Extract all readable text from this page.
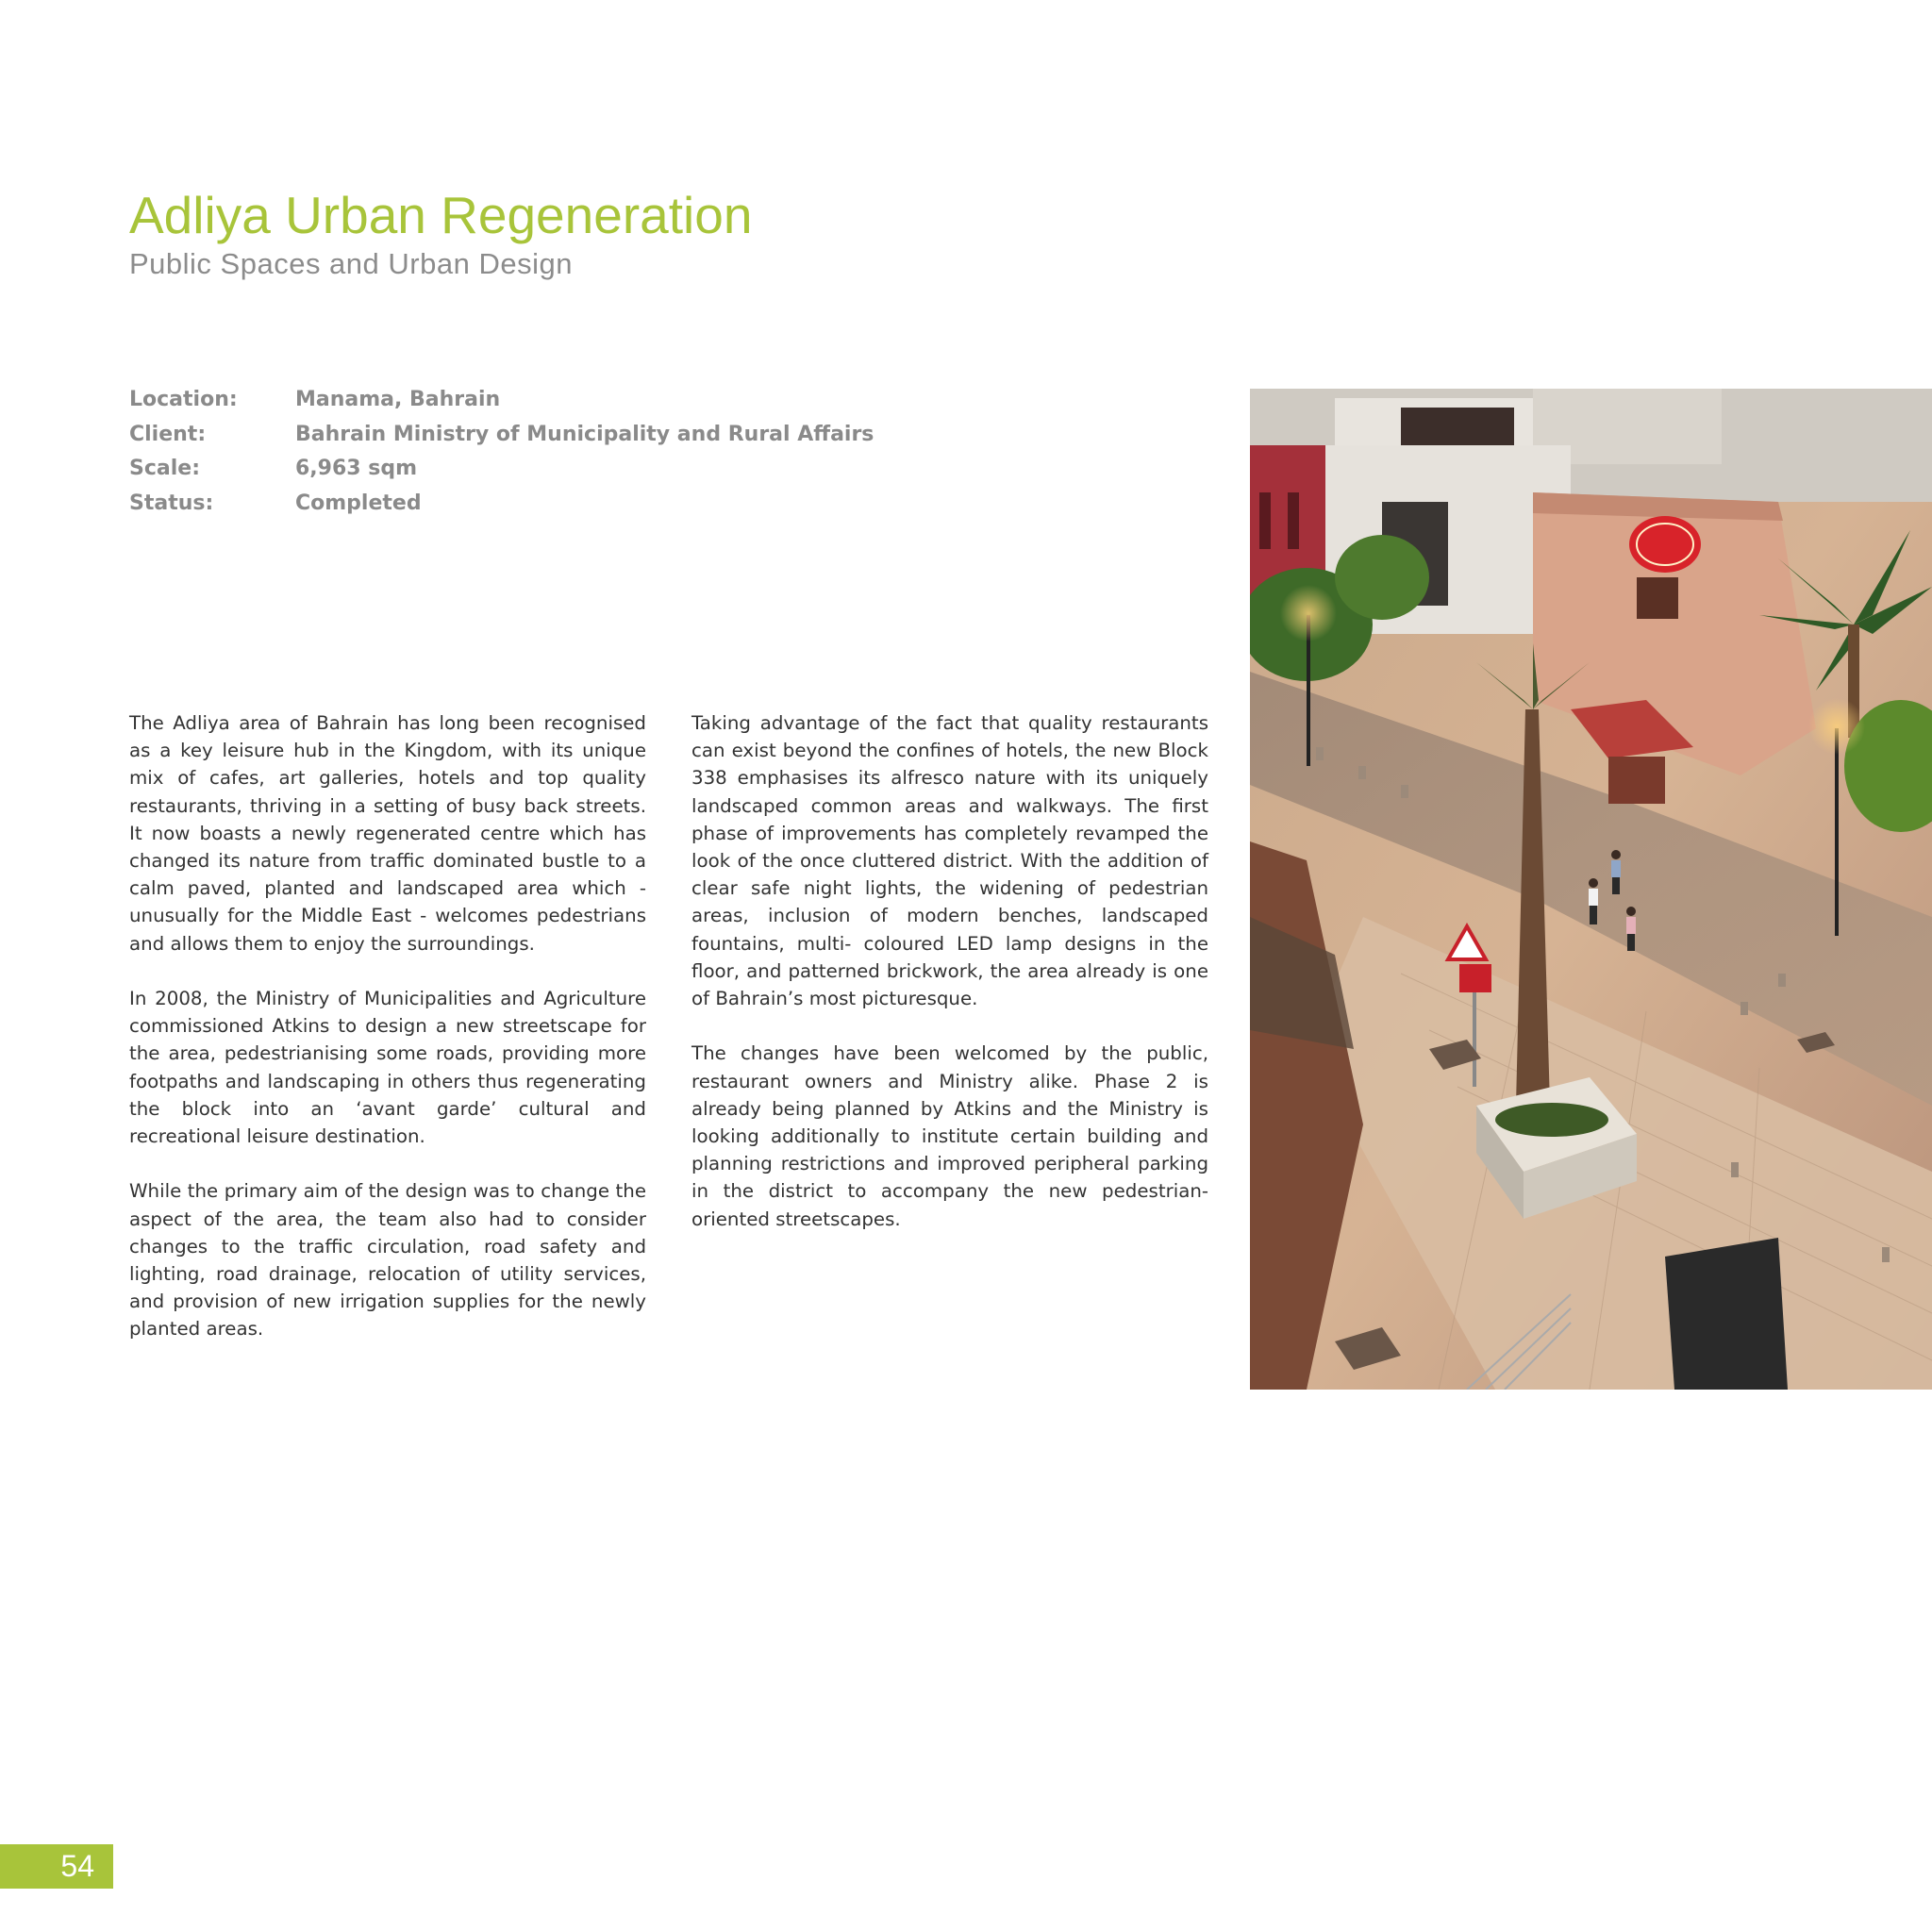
Adliya Urban Regeneration
Public Spaces and Urban Design
Location:	Manama, Bahrain
Client:	Bahrain Ministry of Municipality and Rural Affairs
Scale:	6,963 sqm
Status:	Completed

The Adliya area of Bahrain has long been recognised as a key leisure hub in the Kingdom, with its unique mix of cafes, art galleries, hotels and top quality restaurants, thriving in a setting of busy back streets. It now boasts a newly regenerated centre which has changed its nature from traffic dominated bustle to a calm paved, planted and landscaped area which - unusually for the Middle East - welcomes pedestrians and allows them to enjoy the surroundings.

In 2008, the Ministry of Municipalities and Agriculture commissioned Atkins to design a new streetscape for the area, pedestrianising some roads, providing more footpaths and landscaping in others thus regenerating the block into an ‘avant garde’ cultural and recreational leisure destination.

While the primary aim of the design was to change the aspect of the area, the team also had to consider changes to the traffic circulation, road safety and lighting, road drainage, relocation of utility services, and provision of new irrigation supplies for the newly planted areas.

Taking advantage of the fact that quality restaurants can exist beyond the confines of hotels, the new Block 338 emphasises its alfresco nature with its uniquely landscaped common areas and walkways. The first phase of improvements has completely revamped the look of the once cluttered district. With the addition of clear safe night lights, the widening of pedestrian areas, inclusion of modern benches, landscaped fountains, multi- coloured LED lamp designs in the floor, and patterned brickwork, the area already is one of Bahrain’s most picturesque.

The changes have been welcomed by the public, restaurant owners and Ministry alike. Phase 2 is already being planned by Atkins and the Ministry is looking additionally to institute certain building and planning restrictions and improved peripheral parking in the district to accompany the new pedestrian-oriented streetscapes.

54
